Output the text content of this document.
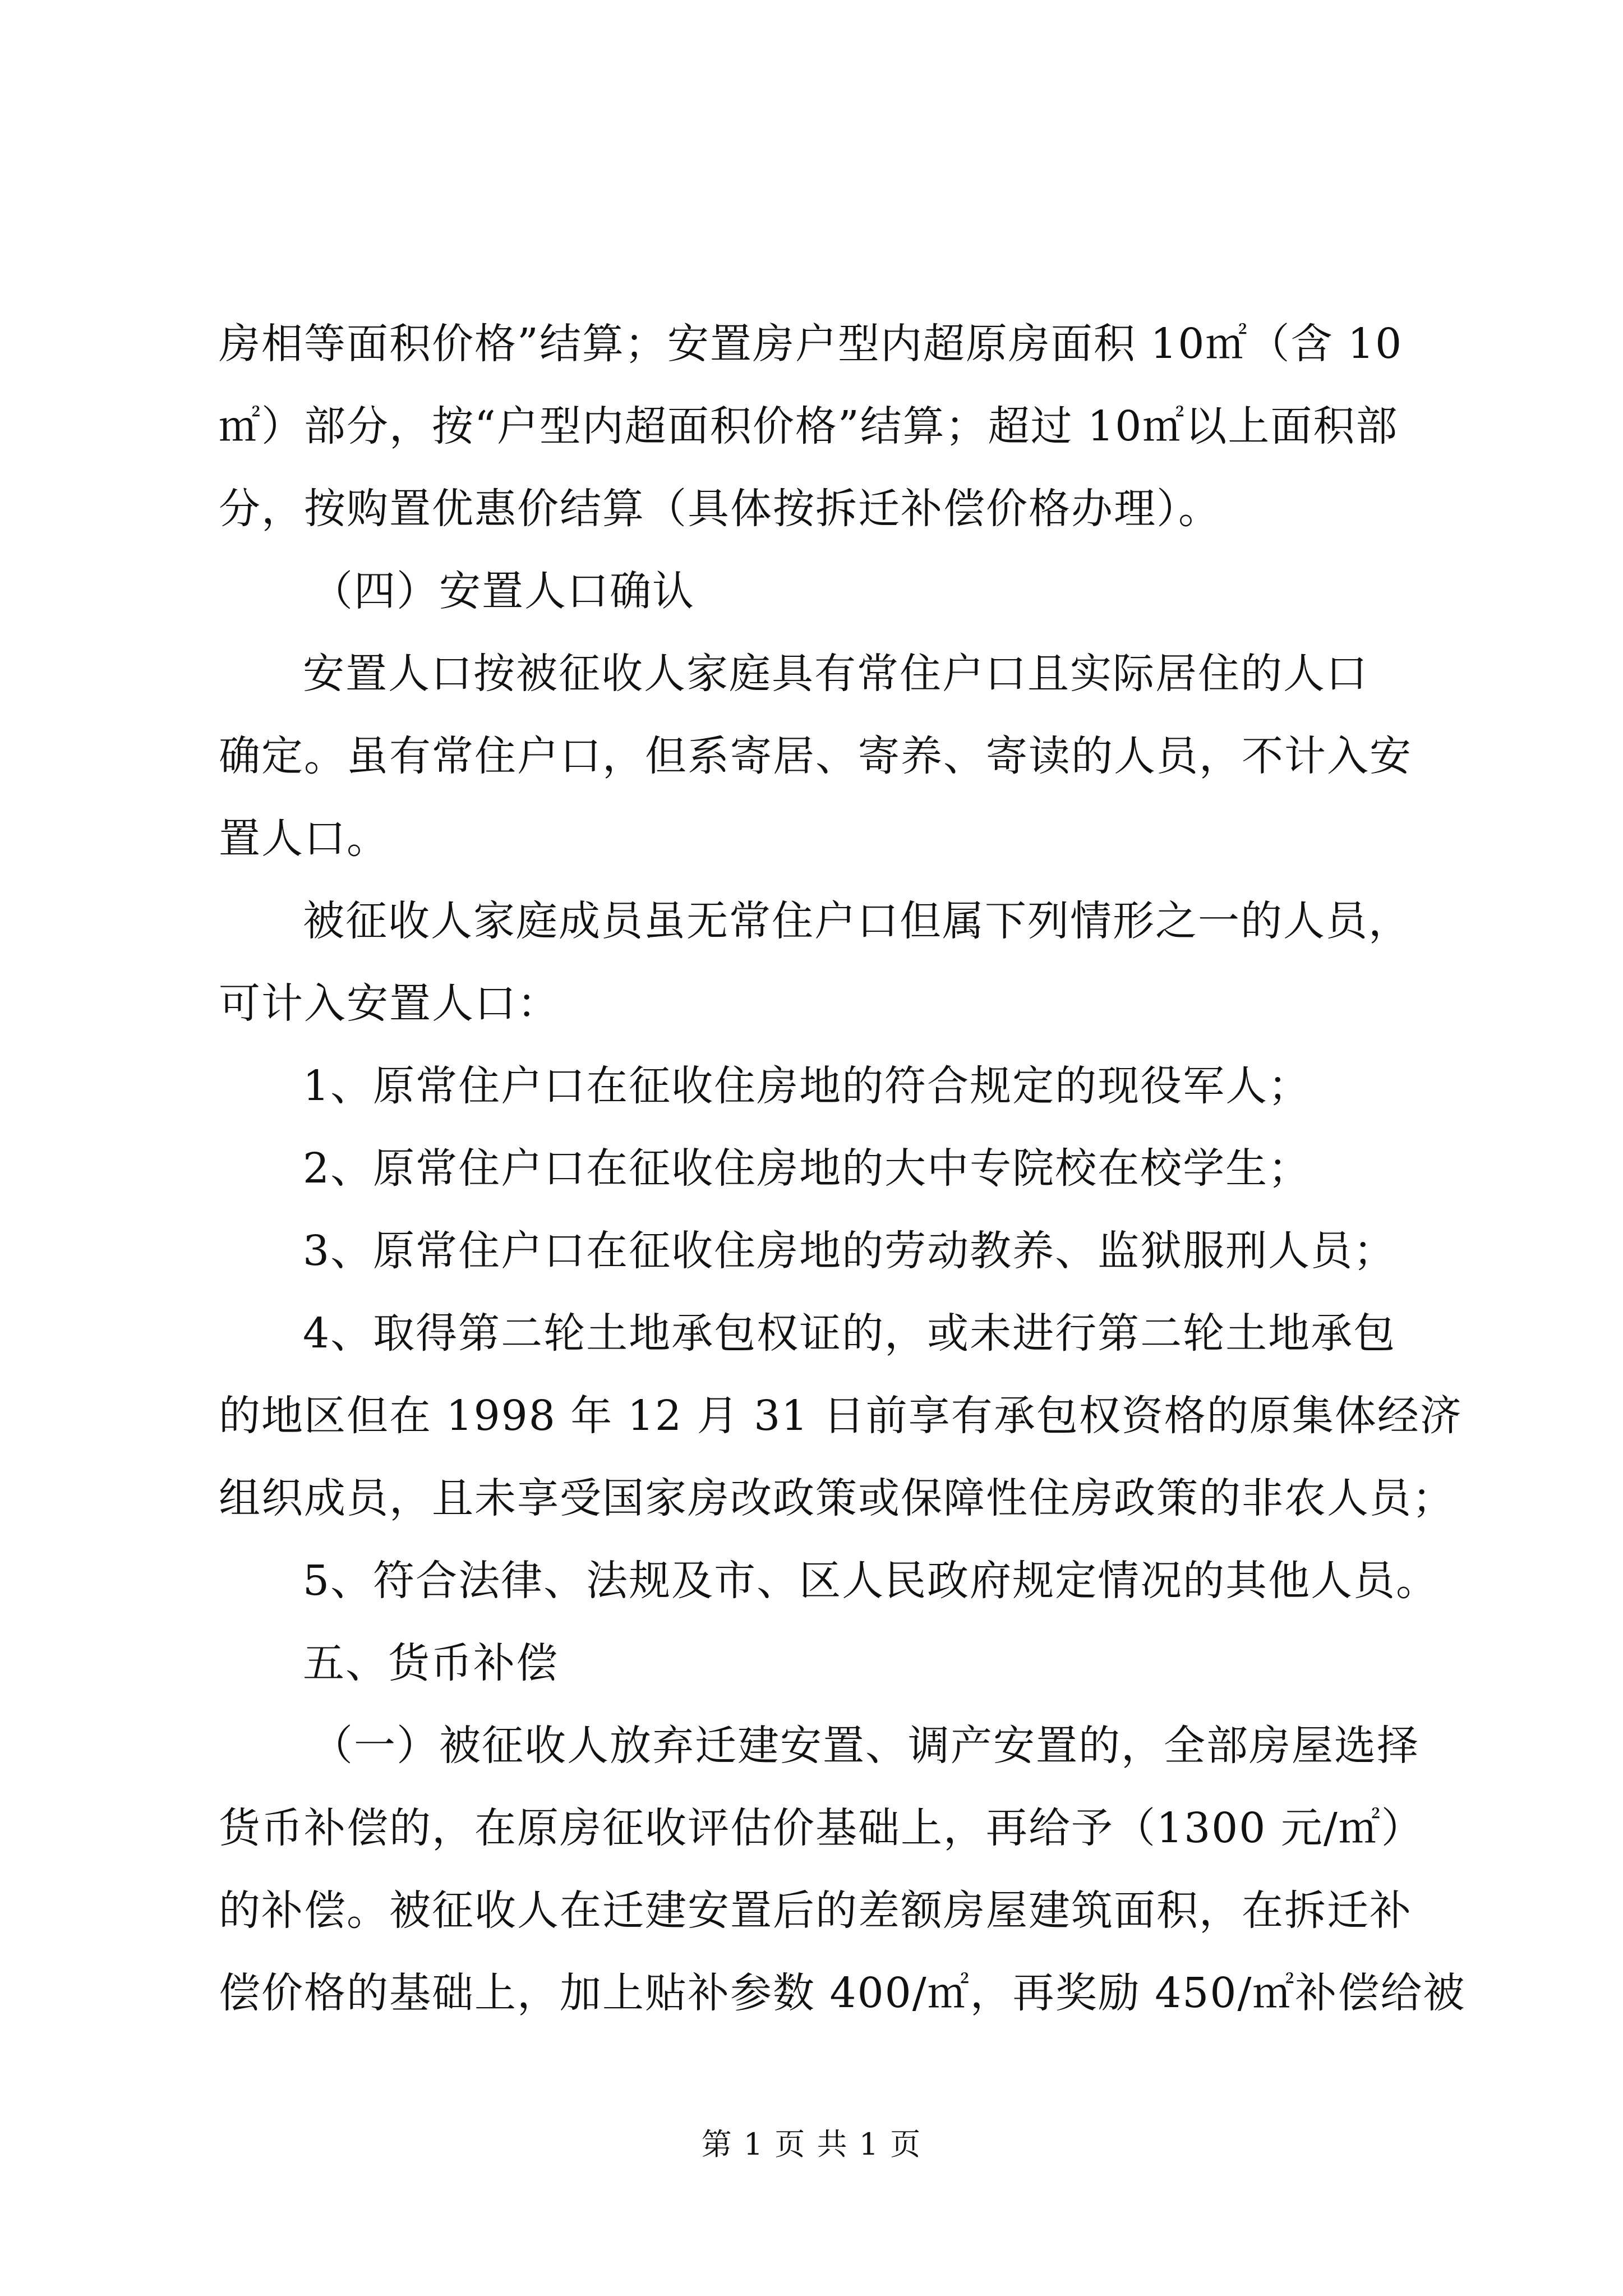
房相等面积价格”结算；安置房户型内超原房面积 10㎡（含 10
㎡）部分，按“户型内超面积价格”结算；超过 10㎡以上面积部
分，按购置优惠价结算（具体按拆迁补偿价格办理）。
（四）安置人口确认
安置人口按被征收人家庭具有常住户口且实际居住的人口
确定。虽有常住户口，但系寄居、寄养、寄读的人员，不计入安
置人口。
被征收人家庭成员虽无常住户口但属下列情形之一的人员，
可计入安置人口：
1、原常住户口在征收住房地的符合规定的现役军人；
2、原常住户口在征收住房地的大中专院校在校学生；
3、原常住户口在征收住房地的劳动教养、监狱服刑人员；
4、取得第二轮土地承包权证的，或未进行第二轮土地承包
的地区但在 1998 年 12 月 31 日前享有承包权资格的原集体经济
组织成员，且未享受国家房改政策或保障性住房政策的非农人员；
5、符合法律、法规及市、区人民政府规定情况的其他人员。
五、货币补偿
（一）被征收人放弃迁建安置、调产安置的，全部房屋选择
货币补偿的，在原房征收评估价基础上，再给予（1300 元/㎡）
的补偿。被征收人在迁建安置后的差额房屋建筑面积，在拆迁补
偿价格的基础上，加上贴补参数 400/㎡，再奖励 450/㎡补偿给被
第 1 页 共 1 页
